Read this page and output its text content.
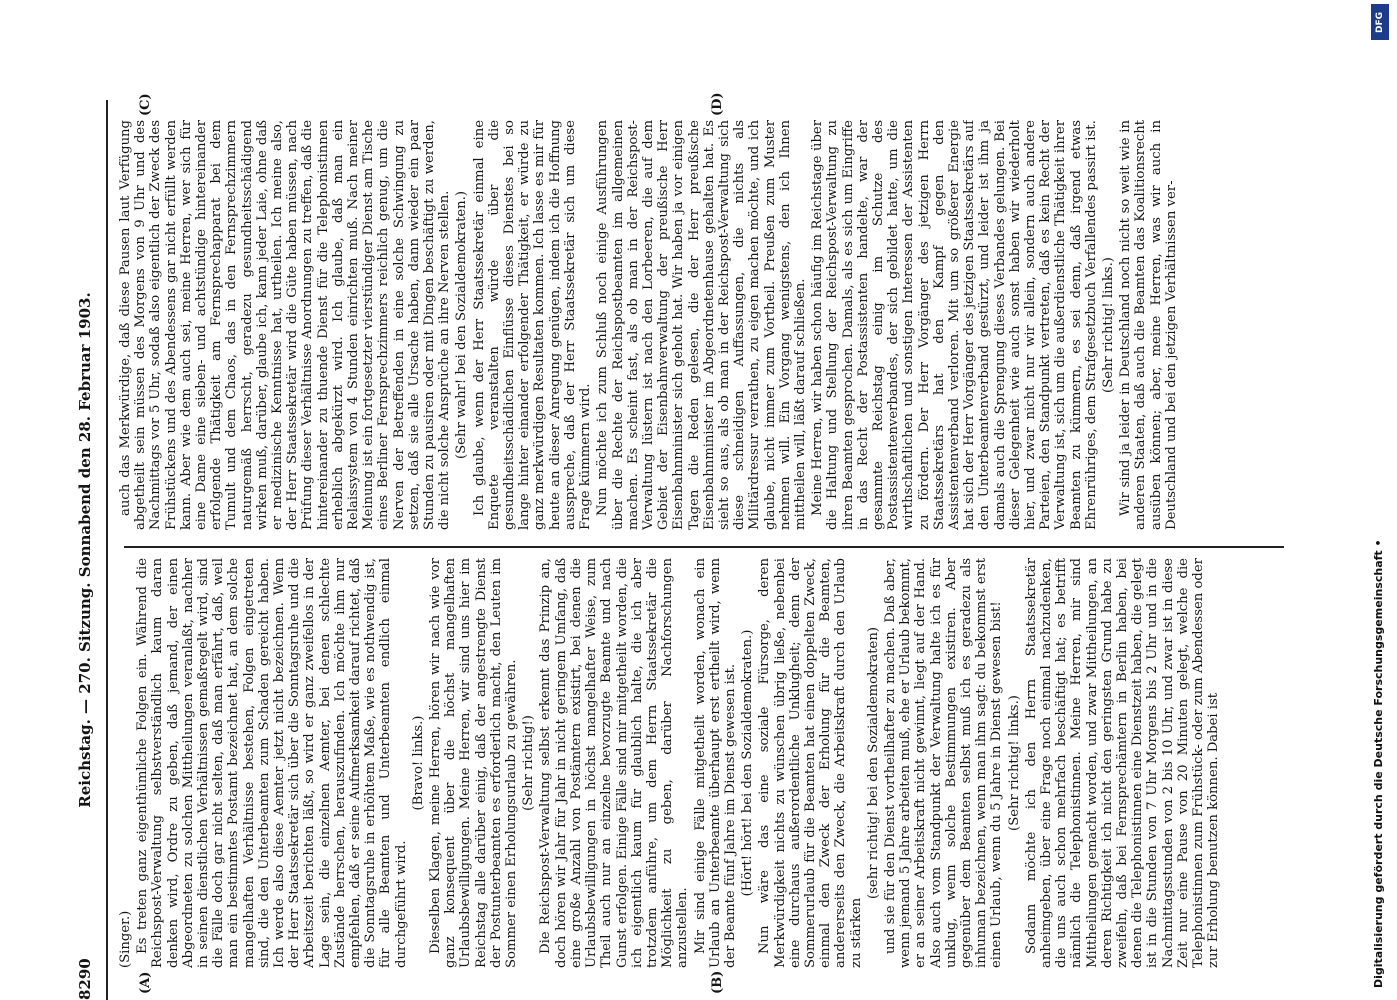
8290
Reichstag. — 270. Sitzung. Sonnabend den 28. Februar 1903.
(A)	(B)
(C)	(D)

(Singer.) Es treten ganz eigenthümliche Folgen ein. Während die Reichspost-Verwaltung selbstverständlich kaum daran denken wird, Ordre zu geben, daß jemand, der einen Abgeordneten zu solchen Mittheilungen veranlaßt, nachher in seinen dienstlichen Verhältnissen gemaßregelt wird, sind die Fälle doch gar nicht selten, daß man erfährt, daß, weil man ein bestimmtes Postamt bezeichnet hat, an dem solche mangelhaften Verhältnisse bestehen, Folgen eingetreten sind, die den Unterbeamten zum Schaden gereicht haben. Ich werde also diese Aemter jetzt nicht bezeichnen. Wenn der Herr Staatssekretär sich über die Sonntagsruhe und die Arbeitszeit berichten läßt, so wird er ganz zweifellos in der Lage sein, die einzelnen Aemter, bei denen schlechte Zustände herrschen, herauszufinden. Ich möchte ihm nur empfehlen, daß er seine Aufmerksamkeit darauf richtet, daß die Sonntagsruhe in erhöhtem Maße, wie es nothwendig ist, für alle Beamten und Unterbeamten endlich einmal durchgeführt wird.

(Bravo! links.) Dieselben Klagen, meine Herren, hören wir nach wie vor ganz konsequent über die höchst mangelhaften Urlaubsbewilligungen. Meine Herren, wir sind uns hier im Reichstag alle darüber einig, daß der angestrengte Dienst der Postunterbeamten es erforderlich macht, den Leuten im Sommer einen Erholungsurlaub zu gewähren. (Sehr richtig!) Die Reichspost-Verwaltung selbst erkennt das Prinzip an, doch hören wir Jahr für Jahr in nicht geringem Umfang, daß eine große Anzahl von Postämtern existirt, bei denen die Urlaubsbewilligungen in höchst mangelhafter Weise, zum Theil auch nur an einzelne bevorzugte Beamte und nach Gunst erfolgen. Einige Fälle sind mir mitgetheilt worden, die ich eigentlich kaum für glaublich halte, die ich aber trotzdem anführe, um dem Herrn Staatssekretär die Möglichkeit zu geben, darüber Nachforschungen anzustellen. Mir sind einige Fälle mitgetheilt worden, wonach ein Urlaub an Unterbeamte überhaupt erst ertheilt wird, wenn der Beamte fünf Jahre im Dienst gewesen ist. (Hört! hört! bei den Sozialdemokraten.) Nun wäre das eine soziale Fürsorge, deren Merkwürdigkeit nichts zu wünschen übrig ließe, nebenbei eine durchaus außerordentliche Unklugheit; denn der Sommerurlaub für die Beamten hat einen doppelten Zweck, einmal den Zweck der Erholung für die Beamten, andererseits den Zweck, die Arbeitskraft durch den Urlaub zu stärken

(sehr richtig! bei den Sozialdemokraten) und sie für den Dienst vortheilhafter zu machen. Daß aber, wenn jemand 5 Jahre arbeiten muß, ehe er Urlaub bekommt, er an seiner Arbeitskraft nicht gewinnt, liegt auf der Hand. Also auch vom Standpunkt der Verwaltung halte ich es für unklug, wenn solche Bestimmungen existiren. Aber gegenüber dem Beamten selbst muß ich es geradezu als inhuman bezeichnen, wenn man ihm sagt: du bekommst erst einen Urlaub, wenn du 5 Jahre in Dienst gewesen bist! (Sehr richtig! links.) Sodann möchte ich den Herrn Staatssekretär anheimgeben, über eine Frage noch einmal nachzudenken, die uns auch schon mehrfach beschäftigt hat; es betrifft nämlich die Telephonistinnen. Meine Herren, mir sind Mittheilungen gemacht worden, und zwar Mittheilungen, an deren Richtigkeit ich nicht den geringsten Grund habe zu zweifeln, daß bei Fernsprechämtern in Berlin haben, bei denen die Telephonistinnen eine Dienstzeit haben, die gelegt ist in die Stunden von 7 Uhr Morgens bis 2 Uhr und in die Nachmittagsstunden von 2 bis 10 Uhr, und zwar ist in diese Zeit nur eine Pause von 20 Minuten gelegt, welche die Telephonistinnen zum Frühstück- oder zum Abendessen oder zur Erholung benutzen können. Dabei ist

auch das Merkwürdige, daß diese Pausen laut Verfügung abgetheilt sein müssen des Morgens von 9 Uhr und des Nachmittags vor 5 Uhr, sodaß also eigentlich der Zweck des Frühstückens und des Abendessens gar nicht erfüllt werden kann. Aber wie dem auch sei, meine Herren, wer sich für eine Dame eine sieben- und achtstündige hintereinander erfolgende Thätigkeit am Fernsprechapparat bei dem Tumult und dem Chaos, das in den Fernsprechzimmern naturgemäß herrscht, geradezu gesundheitsschädigend wirken muß, darüber, glaube ich, kann jeder Laie, ohne daß er medizinische Kenntnisse hat, urtheilen. Ich meine also, der Herr Staatssekretär wird die Güte haben müssen, nach Prüfung dieser Verhältnisse Anordnungen zu treffen, daß die hintereinander zu thuende Dienst für die Telephonistinnen erheblich abgekürzt wird. Ich glaube, daß man ein Relaissystem von 4 Stunden einrichten muß. Nach meiner Meinung ist ein fortgesetzter vierstündiger Dienst am Tische eines Berliner Fernsprechzimmers reichlich genug, um die Nerven der Betreffenden in eine solche Schwingung zu setzen, daß sie alle Ursache haben, dann wieder ein paar Stunden zu pausiren oder mit Dingen beschäftigt zu werden, die nicht solche Ansprüche an ihre Nerven stellen. (Sehr wahr! bei den Sozialdemokraten.) Ich glaube, wenn der Herr Staatssekretär einmal eine Enquete veranstalten würde über die gesundheitsschädlichen Einflüsse dieses Dienstes bei so lange hinter einander erfolgender Thätigkeit, er würde zu ganz merkwürdigen Resultaten kommen. Ich lasse es mir für heute an dieser Anregung genügen, indem ich die Hoffnung ausspreche, daß der Herr Staatssekretär sich um diese Frage kümmern wird. Nun möchte ich zum Schluß noch einige Ausführungen über die Rechte der Reichspostbeamten im allgemeinen machen. Es scheint fast, als ob man in der Reichspost-Verwaltung lüstern ist nach den Lorbeeren, die auf dem Gebiet der Eisenbahnverwaltung der preußische Herr Eisenbahnminister sich geholt hat. Wir haben ja vor einigen Tagen die Reden gelesen, die der Herr preußische Eisenbahnminister im Abgeordnetenhause gehalten hat. Es sieht so aus, als ob man in der Reichspost-Verwaltung sich diese schneidigen Auffassungen, die nichts als Militärdressur verrathen, zu eigen machen möchte, und ich glaube, nicht immer zum Vortheil. Preußen zum Muster nehmen will. Ein Vorgang wenigstens, den ich Ihnen mittheilen will, läßt darauf schließen. Meine Herren, wir haben schon häufig im Reichstage über die Haltung und Stellung der Reichspost-Verwaltung zu ihren Beamten gesprochen. Damals, als es sich um Eingriffe in das Recht der Postassistenten handelte, war der gesammte Reichstag einig im Schutze des Postassistentenverbandes, der sich gebildet hatte, um die wirthschaftlichen und sonstigen Interessen der Assistenten zu fördern. Der Herr Vorgänger des jetzigen Herrn Staatssekretärs hat den Kampf gegen den Assistentenverband verloren. Mit um so größerer Energie hat sich der Herr Vorgänger des jetzigen Staatssekretärs auf den Unterbeamtenverband gestürzt, und leider ist ihm ja damals auch die Sprengung dieses Verbandes gelungen. Bei dieser Gelegenheit wie auch sonst haben wir wiederholt hier, und zwar nicht nur wir allein, sondern auch andere Parteien, den Standpunkt vertreten, daß es kein Recht der Verwaltung ist, sich um die außerdienstliche Thätigkeit ihrer Beamten zu kümmern, es sei denn, daß irgend etwas Ehrenrühriges, dem Strafgesetzbuch Verfallendes passirt ist. (Sehr richtig! links.) Wir sind ja leider in Deutschland noch nicht so weit wie in anderen Staaten, daß auch die Beamten das Koalitionsrecht ausüben können; aber, meine Herren, was wir auch in Deutschland und bei den jetzigen Verhältnissen ver-

DFG
Digitalisierung gefördert durch die Deutsche Forschungsgemeinschaft •
